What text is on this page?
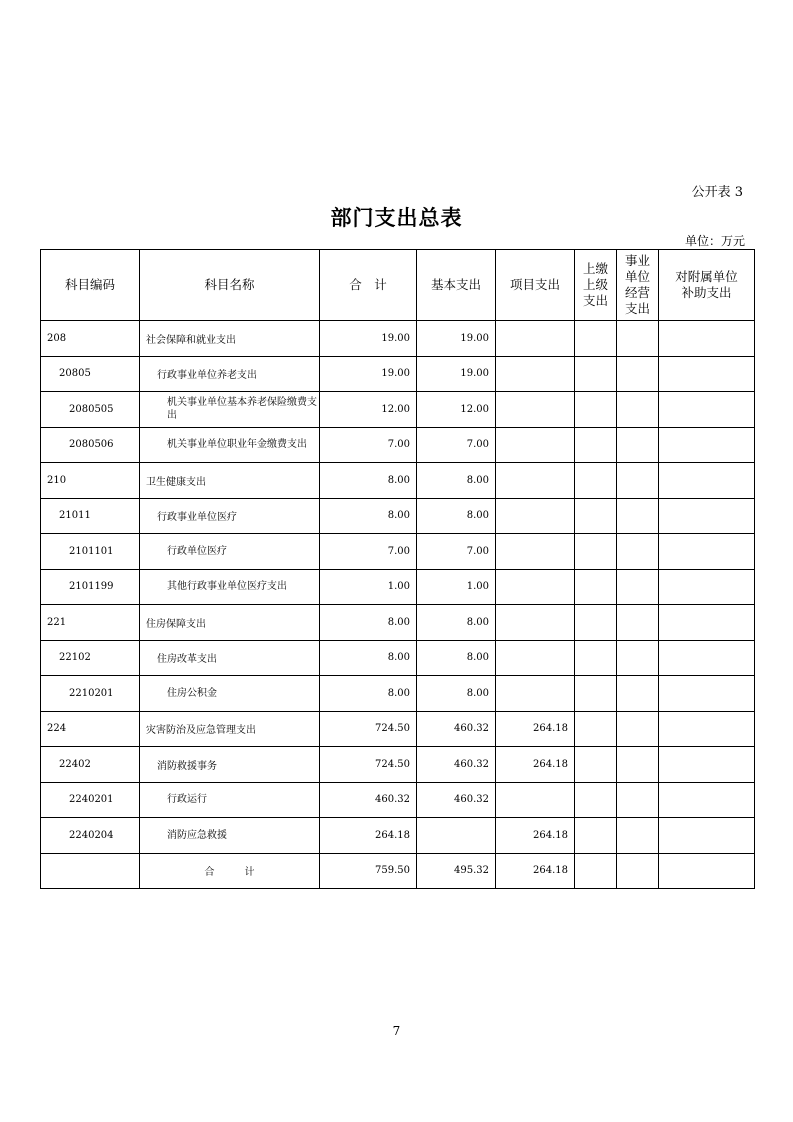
公开表 3
部门支出总表
单位：万元
科目编码	科目名称	合　计	基本支出	项目支出	上缴
上级
支出	事业
单位
经营
支出	对附属单位
补助支出
208	社会保障和就业支出	19.00	19.00				
20805	行政事业单位养老支出	19.00	19.00				
2080505	机关事业单位基本养老保险缴费支出	12.00	12.00				
2080506	机关事业单位职业年金缴费支出	7.00	7.00				
210	卫生健康支出	8.00	8.00				
21011	行政事业单位医疗	8.00	8.00				
2101101	行政单位医疗	7.00	7.00				
2101199	其他行政事业单位医疗支出	1.00	1.00				
221	住房保障支出	8.00	8.00				
22102	住房改革支出	8.00	8.00				
2210201	住房公积金	8.00	8.00				
224	灾害防治及应急管理支出	724.50	460.32	264.18			
22402	消防救援事务	724.50	460.32	264.18			
2240201	行政运行	460.32	460.32				
2240204	消防应急救援	264.18		264.18			
	合　　　计	759.50	495.32	264.18			
7
